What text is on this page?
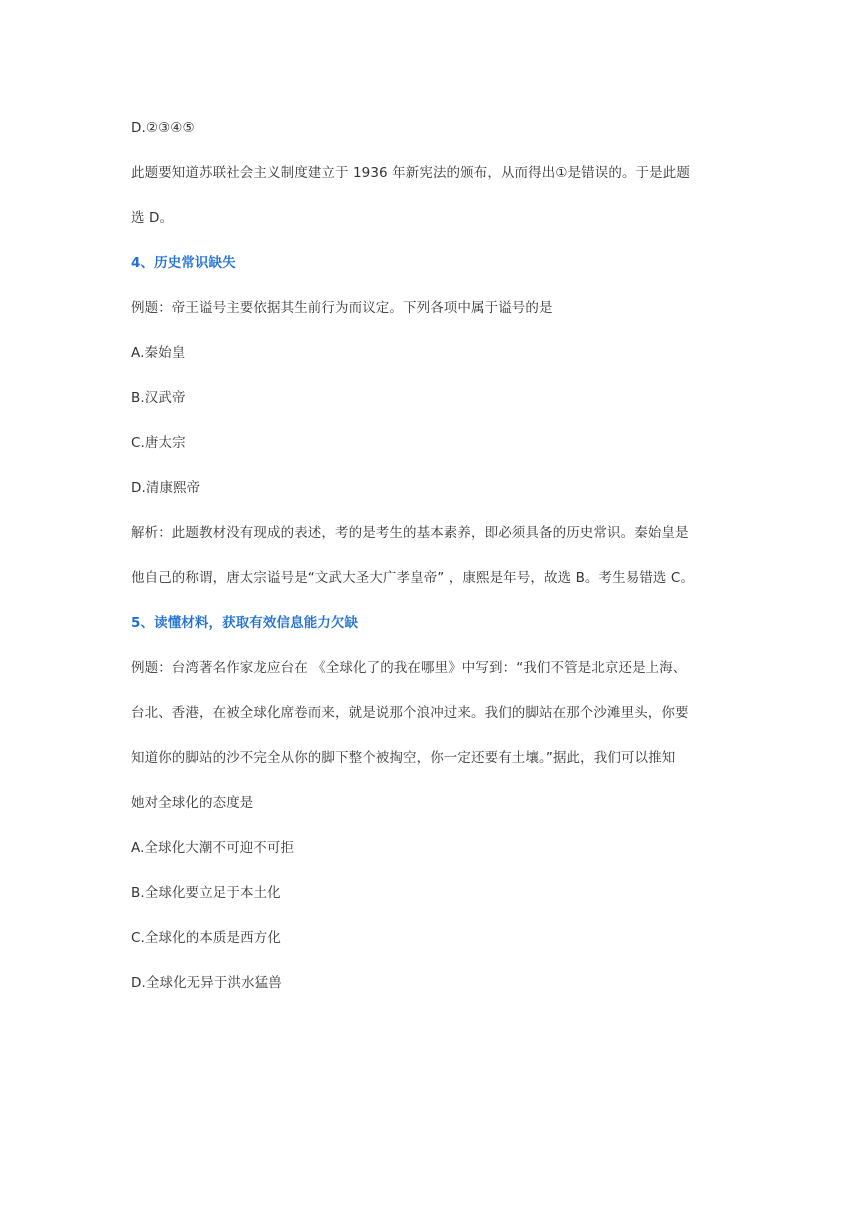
D.②③④⑤
此题要知道苏联社会主义制度建立于 1936 年新宪法的颁布，从而得出①是错误的。于是此题
选 D。
4、历史常识缺失
例题：帝王谥号主要依据其生前行为而议定。下列各项中属于谥号的是
A.秦始皇
B.汉武帝
C.唐太宗
D.清康熙帝
解析：此题教材没有现成的表述，考的是考生的基本素养，即必须具备的历史常识。秦始皇是
他自己的称谓，唐太宗谥号是“文武大圣大广孝皇帝” ，康熙是年号，故选 B。考生易错选 C。
5、读懂材料，获取有效信息能力欠缺
例题：台湾著名作家龙应台在 《全球化了的我在哪里》中写到：“我们不管是北京还是上海、
台北、香港，在被全球化席卷而来，就是说那个浪冲过来。我们的脚站在那个沙滩里头，你要
知道你的脚站的沙不完全从你的脚下整个被掏空，你一定还要有土壤。”据此，我们可以推知
她对全球化的态度是
A.全球化大潮不可迎不可拒
B.全球化要立足于本土化
C.全球化的本质是西方化
D.全球化无异于洪水猛兽
